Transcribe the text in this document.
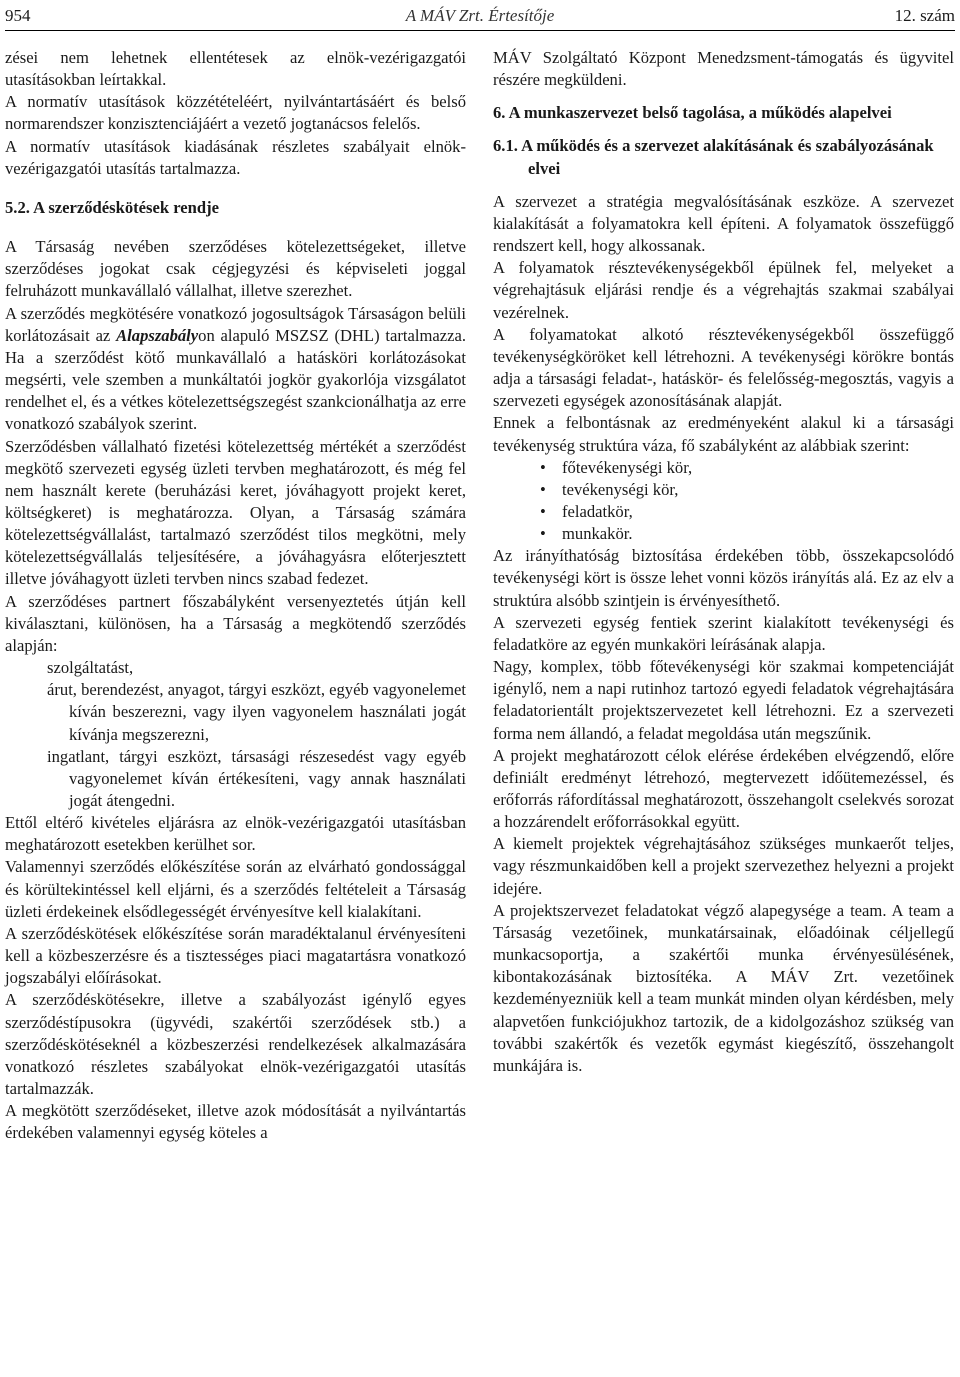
954	A MÁV Zrt. Értesítője	12. szám

zései nem lehetnek ellentétesek az elnök-vezérigazgatói utasításokban leírtakkal.

A normatív utasítások közzétételéért, nyilvántartásáért és belső normarendszer konzisztenciájáért a vezető jogtanácsos felelős.

A normatív utasítások kiadásának részletes szabályait elnök-vezérigazgatói utasítás tartalmazza.

5.2. A szerződéskötések rendje

A Társaság nevében szerződéses kötelezettségeket, illetve szerződéses jogokat csak cégjegyzési és képviseleti joggal felruházott munkavállaló vállalhat, illetve szerezhet.

A szerződés megkötésére vonatkozó jogosultságok Társaságon belüli korlátozásait az Alapszabályon alapuló MSZSZ (DHL) tartalmazza. Ha a szerződést kötő munkavállaló a hatásköri korlátozásokat megsérti, vele szemben a munkáltatói jogkör gyakorlója vizsgálatot rendelhet el, és a vétkes kötelezettségszegést szankcionálhatja az erre vonatkozó szabályok szerint.

Szerződésben vállalható fizetési kötelezettség mértékét a szerződést megkötő szervezeti egység üzleti tervben meghatározott, és még fel nem használt kerete (beruházási keret, jóváhagyott projekt keret, költségkeret) is meghatározza. Olyan, a Társaság számára kötelezettségvállalást, tartalmazó szerződést tilos megkötni, mely kötelezettségvállalás teljesítésére, a jóváhagyásra előterjesztett illetve jóváhagyott üzleti tervben nincs szabad fedezet.

A szerződéses partnert főszabályként versenyeztetés útján kell kiválasztani, különösen, ha a Társaság a megkötendő szerződés alapján:

szolgáltatást,

árut, berendezést, anyagot, tárgyi eszközt, egyéb vagyonelemet kíván beszerezni, vagy ilyen vagyonelem használati jogát kívánja megszerezni,

ingatlant, tárgyi eszközt, társasági részesedést vagy egyéb vagyonelemet kíván értékesíteni, vagy annak használati jogát átengedni.

Ettől eltérő kivételes eljárásra az elnök-vezérigazgatói utasításban meghatározott esetekben kerülhet sor.

Valamennyi szerződés előkészítése során az elvárható gondossággal és körültekintéssel kell eljárni, és a szerződés feltételeit a Társaság üzleti érdekeinek elsődlegességét érvényesítve kell kialakítani.

A szerződéskötések előkészítése során maradéktalanul érvényesíteni kell a közbeszerzésre és a tisztességes piaci magatartásra vonatkozó jogszabályi előírásokat.

A szerződéskötésekre, illetve a szabályozást igénylő egyes szerződéstípusokra (ügyvédi, szakértői szerződések stb.) a szerződéskötéseknél a közbeszerzési rendelkezések alkalmazására vonatkozó részletes szabályokat elnök-vezérigazgatói utasítás tartalmazzák.

A megkötött szerződéseket, illetve azok módosítását a nyilvántartás érdekében valamennyi egység köteles a

MÁV Szolgáltató Központ Menedzsment-támogatás és ügyvitel részére megküldeni.

6. A munkaszervezet belső tagolása, a működés alapelvei

6.1. A működés és a szervezet alakításának és szabályozásának elvei

A szervezet a stratégia megvalósításának eszköze. A szervezet kialakítását a folyamatokra kell építeni. A folyamatok összefüggő rendszert kell, hogy alkossanak.

A folyamatok résztevékenységekből épülnek fel, melyeket a végrehajtásuk eljárási rendje és a végrehajtás szakmai szabályai vezérelnek.

A folyamatokat alkotó résztevékenységekből összefüggő tevékenységköröket kell létrehozni. A tevékenységi körökre bontás adja a társasági feladat-, hatáskör- és felelősség-megosztás, vagyis a szervezeti egységek azonosításának alapját.

Ennek a felbontásnak az eredményeként alakul ki a társasági tevékenység struktúra váza, fő szabályként az alábbiak szerint:

• főtevékenységi kör,
• tevékenységi kör,
• feladatkör,
• munkakör.

Az irányíthatóság biztosítása érdekében több, összekapcsolódó tevékenységi kört is össze lehet vonni közös irányítás alá. Ez az elv a struktúra alsóbb szintjein is érvényesíthető.

A szervezeti egység fentiek szerint kialakított tevékenységi és feladatköre az egyén munkaköri leírásának alapja.

Nagy, komplex, több főtevékenységi kör szakmai kompetenciáját igénylő, nem a napi rutinhoz tartozó egyedi feladatok végrehajtására feladatorientált projektszervezetet kell létrehozni. Ez a szervezeti forma nem állandó, a feladat megoldása után megszűnik.

A projekt meghatározott célok elérése érdekében elvégzendő, előre definiált eredményt létrehozó, megtervezett időütemezéssel, és erőforrás ráfordítással meghatározott, összehangolt cselekvés sorozat a hozzárendelt erőforrásokkal együtt.

A kiemelt projektek végrehajtásához szükséges munkaerőt teljes, vagy részmunkaidőben kell a projekt szervezethez helyezni a projekt idejére.

A projektszervezet feladatokat végző alapegysége a team. A team a Társaság vezetőinek, munkatársainak, előadóinak céljellegű munkacsoportja, a szakértői munka érvényesülésének, kibontakozásának biztosítéka. A MÁV Zrt. vezetőinek kezdeményezniük kell a team munkát minden olyan kérdésben, mely alapvetően funkciójukhoz tartozik, de a kidolgozáshoz szükség van további szakértők és vezetők egymást kiegészítő, összehangolt munkájára is.
